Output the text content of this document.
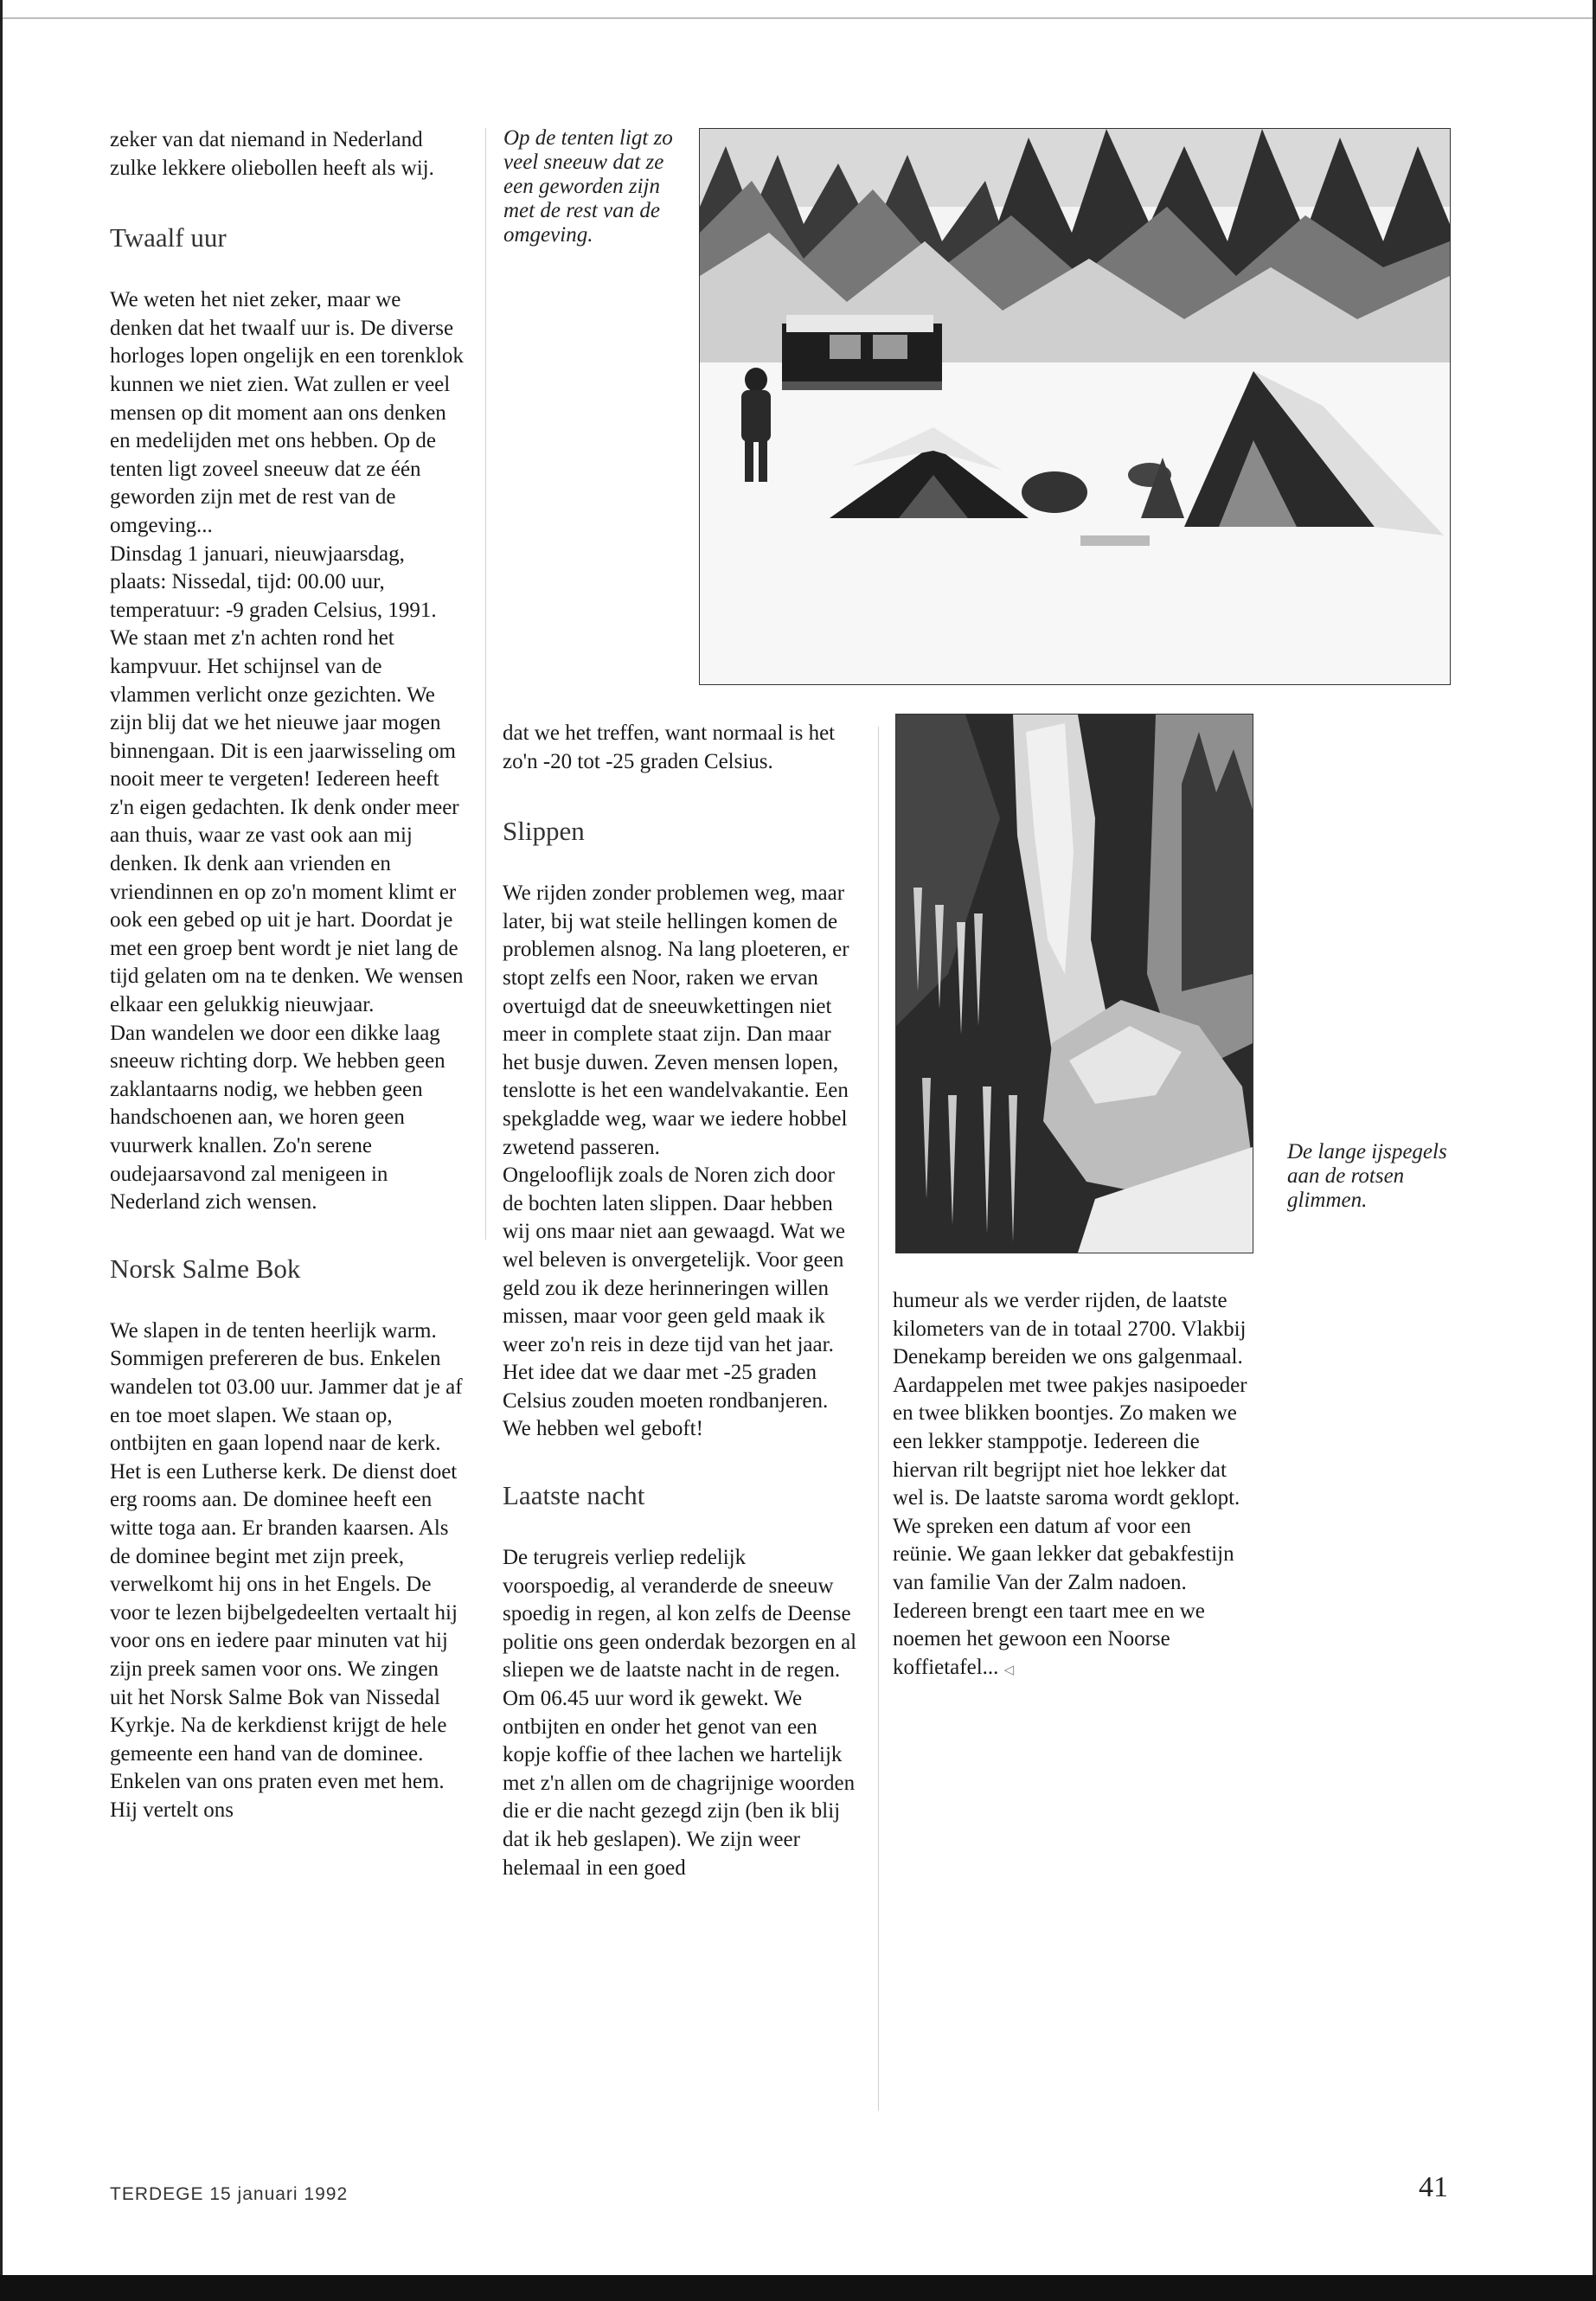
zeker van dat niemand in Nederland zulke lekkere oliebollen heeft als wij.

Twaalf uur

We weten het niet zeker, maar we denken dat het twaalf uur is. De diverse horloges lopen ongelijk en een torenklok kunnen we niet zien. Wat zullen er veel mensen op dit moment aan ons denken en medelijden met ons hebben. Op de tenten ligt zoveel sneeuw dat ze één geworden zijn met de rest van de omgeving...

Dinsdag 1 januari, nieuwjaarsdag, plaats: Nissedal, tijd: 00.00 uur, temperatuur: -9 graden Celsius, 1991. We staan met z'n achten rond het kampvuur. Het schijnsel van de vlammen verlicht onze gezichten. We zijn blij dat we het nieuwe jaar mogen binnengaan. Dit is een jaarwisseling om nooit meer te vergeten! Iedereen heeft z'n eigen gedachten. Ik denk onder meer aan thuis, waar ze vast ook aan mij denken. Ik denk aan vrienden en vriendinnen en op zo'n moment klimt er ook een gebed op uit je hart. Doordat je met een groep bent wordt je niet lang de tijd gelaten om na te denken. We wensen elkaar een gelukkig nieuwjaar.

Dan wandelen we door een dikke laag sneeuw richting dorp. We hebben geen zaklantaarns nodig, we hebben geen handschoenen aan, we horen geen vuurwerk knallen. Zo'n serene oudejaarsavond zal menigeen in Nederland zich wensen.

Norsk Salme Bok

We slapen in de tenten heerlijk warm. Sommigen prefereren de bus. Enkelen wandelen tot 03.00 uur. Jammer dat je af en toe moet slapen. We staan op, ontbijten en gaan lopend naar de kerk. Het is een Lutherse kerk. De dienst doet erg rooms aan. De dominee heeft een witte toga aan. Er branden kaarsen. Als de dominee begint met zijn preek, verwelkomt hij ons in het Engels. De voor te lezen bijbelgedeelten vertaalt hij voor ons en iedere paar minuten vat hij zijn preek samen voor ons. We zingen uit het Norsk Salme Bok van Nissedal Kyrkje. Na de kerkdienst krijgt de hele gemeente een hand van de dominee. Enkelen van ons praten even met hem. Hij vertelt ons

Op de tenten ligt zo veel sneeuw dat ze een geworden zijn met de rest van de omgeving.

dat we het treffen, want normaal is het zo'n -20 tot -25 graden Celsius.

Slippen

We rijden zonder problemen weg, maar later, bij wat steile hellingen komen de problemen alsnog. Na lang ploeteren, er stopt zelfs een Noor, raken we ervan overtuigd dat de sneeuwkettingen niet meer in complete staat zijn. Dan maar het busje duwen. Zeven mensen lopen, tenslotte is het een wandelvakantie. Een spekgladde weg, waar we iedere hobbel zwetend passeren.

Ongelooflijk zoals de Noren zich door de bochten laten slippen. Daar hebben wij ons maar niet aan gewaagd. Wat we wel beleven is onvergetelijk. Voor geen geld zou ik deze herinneringen willen missen, maar voor geen geld maak ik weer zo'n reis in deze tijd van het jaar. Het idee dat we daar met -25 graden Celsius zouden moeten rondbanjeren. We hebben wel geboft!

Laatste nacht

De terugreis verliep redelijk voorspoedig, al veranderde de sneeuw spoedig in regen, al kon zelfs de Deense politie ons geen onderdak bezorgen en al sliepen we de laatste nacht in de regen.

Om 06.45 uur word ik gewekt. We ontbijten en onder het genot van een kopje koffie of thee lachen we hartelijk met z'n allen om de chagrijnige woorden die er die nacht gezegd zijn (ben ik blij dat ik heb geslapen). We zijn weer helemaal in een goed

De lange ijspegels aan de rotsen glimmen.

humeur als we verder rijden, de laatste kilometers van de in totaal 2700. Vlakbij Denekamp bereiden we ons galgenmaal. Aardappelen met twee pakjes nasipoeder en twee blikken boontjes. Zo maken we een lekker stamppotje. Iedereen die hiervan rilt begrijpt niet hoe lekker dat wel is. De laatste saroma wordt geklopt.

We spreken een datum af voor een reünie. We gaan lekker dat gebakfestijn van familie Van der Zalm nadoen. Iedereen brengt een taart mee en we noemen het gewoon een Noorse koffietafel... ◁

TERDEGE 15 januari 1992	41
